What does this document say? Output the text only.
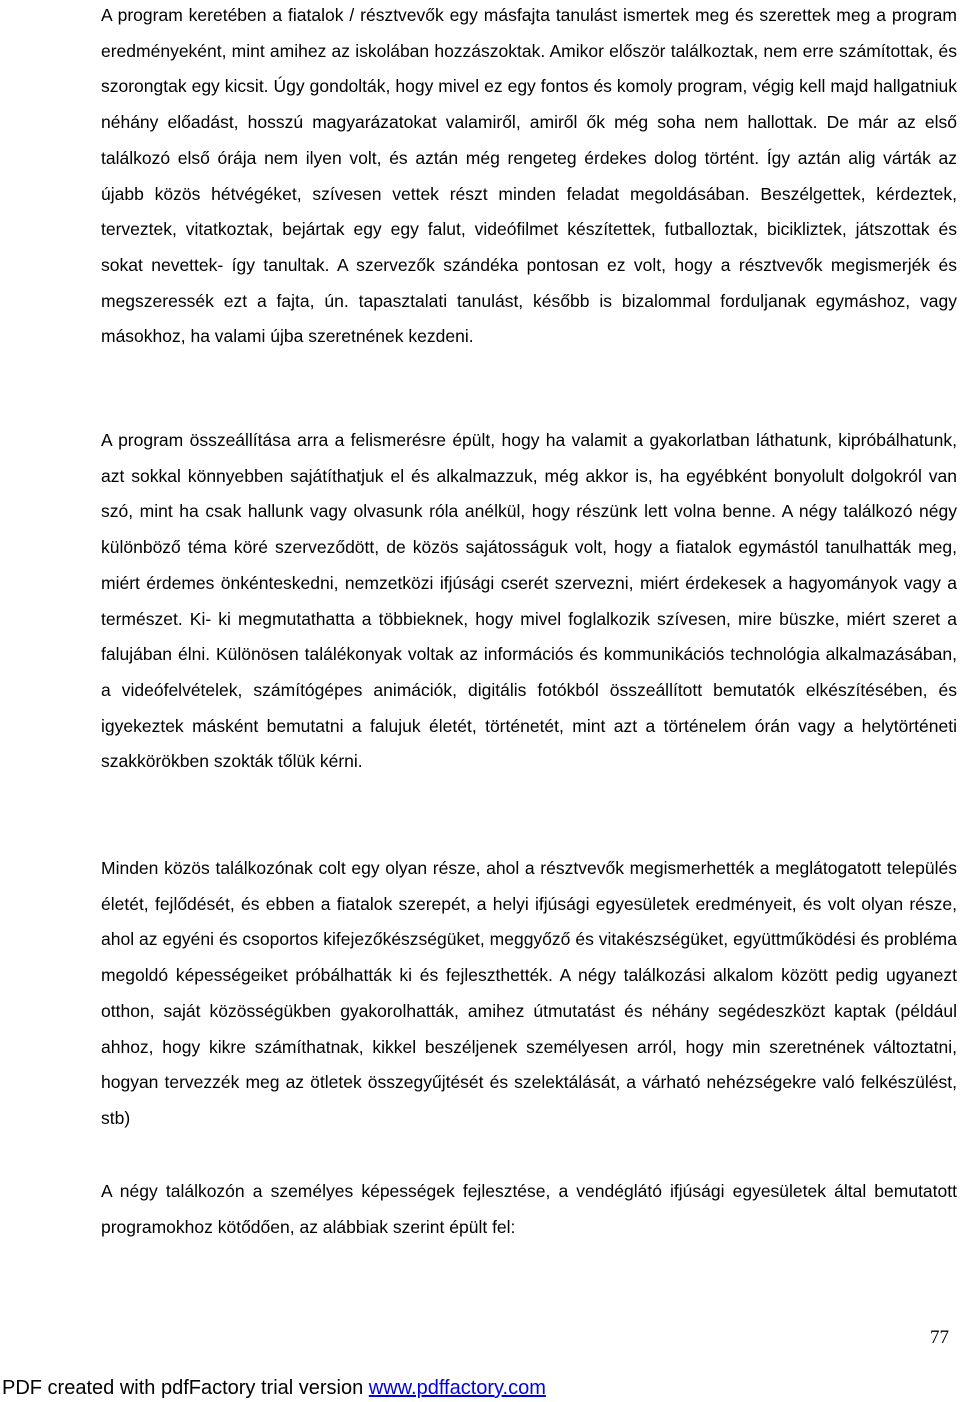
A program keretében a fiatalok / résztvevők egy másfajta tanulást ismertek meg és szerettek meg a program eredményeként, mint amihez az iskolában hozzászoktak. Amikor először találkoztak, nem erre számítottak, és szorongtak egy kicsit. Úgy gondolták, hogy mivel ez egy fontos és komoly program, végig kell majd hallgatniuk néhány előadást, hosszú magyarázatokat valamiről, amiről ők még soha nem hallottak. De már az első találkozó első órája nem ilyen volt, és aztán még rengeteg érdekes dolog történt. Így aztán alig várták az újabb közös hétvégéket, szívesen vettek részt minden feladat megoldásában. Beszélgettek, kérdeztek, terveztek, vitatkoztak, bejártak egy egy falut, videófilmet készítettek, futballoztak, bicikliztek, játszottak és sokat nevettek- így tanultak. A szervezők szándéka pontosan ez volt, hogy a résztvevők megismerjék és megszeressék ezt a fajta, ún. tapasztalati tanulást, később is bizalommal forduljanak egymáshoz, vagy másokhoz, ha valami újba szeretnének kezdeni.

A program összeállítása arra a felismerésre épült, hogy ha valamit a gyakorlatban láthatunk, kipróbálhatunk, azt sokkal könnyebben sajátíthatjuk el és alkalmazzuk, még akkor is, ha egyébként bonyolult dolgokról van szó, mint ha csak hallunk vagy olvasunk róla anélkül, hogy részünk lett volna benne. A négy találkozó négy különböző téma köré szerveződött, de közös sajátosságuk volt, hogy a fiatalok egymástól tanulhatták meg, miért érdemes önkénteskedni, nemzetközi ifjúsági cserét szervezni, miért érdekesek a hagyományok vagy a természet. Ki- ki megmutathatta a többieknek, hogy mivel foglalkozik szívesen, mire büszke, miért szeret a falujában élni. Különösen találékonyak voltak az információs és kommunikációs technológia alkalmazásában, a videófelvételek, számítógépes animációk, digitális fotókból összeállított bemutatók elkészítésében, és igyekeztek másként bemutatni a falujuk életét, történetét, mint azt a történelem órán vagy a helytörténeti szakkörökben szokták tőlük kérni.

Minden közös találkozónak colt egy olyan része, ahol a résztvevők megismerhették a meglátogatott település életét, fejlődését, és ebben a fiatalok szerepét, a helyi ifjúsági egyesületek eredményeit, és volt olyan része, ahol az egyéni és csoportos kifejezőkészségüket, meggyőző és vitakészségüket, együttműködési és probléma megoldó képességeiket próbálhatták ki és fejleszthették. A négy találkozási alkalom között pedig ugyanezt otthon, saját közösségükben gyakorolhatták, amihez útmutatást és néhány segédeszközt kaptak (például ahhoz, hogy kikre számíthatnak, kikkel beszéljenek személyesen arról, hogy min szeretnének változtatni, hogyan tervezzék meg az ötletek összegyűjtését és szelektálását, a várható nehézségekre való felkészülést, stb)

A négy találkozón a személyes képességek fejlesztése, a vendéglátó ifjúsági egyesületek által bemutatott programokhoz kötődően, az alábbiak szerint épült fel:

77
PDF created with pdfFactory trial version www.pdffactory.com
